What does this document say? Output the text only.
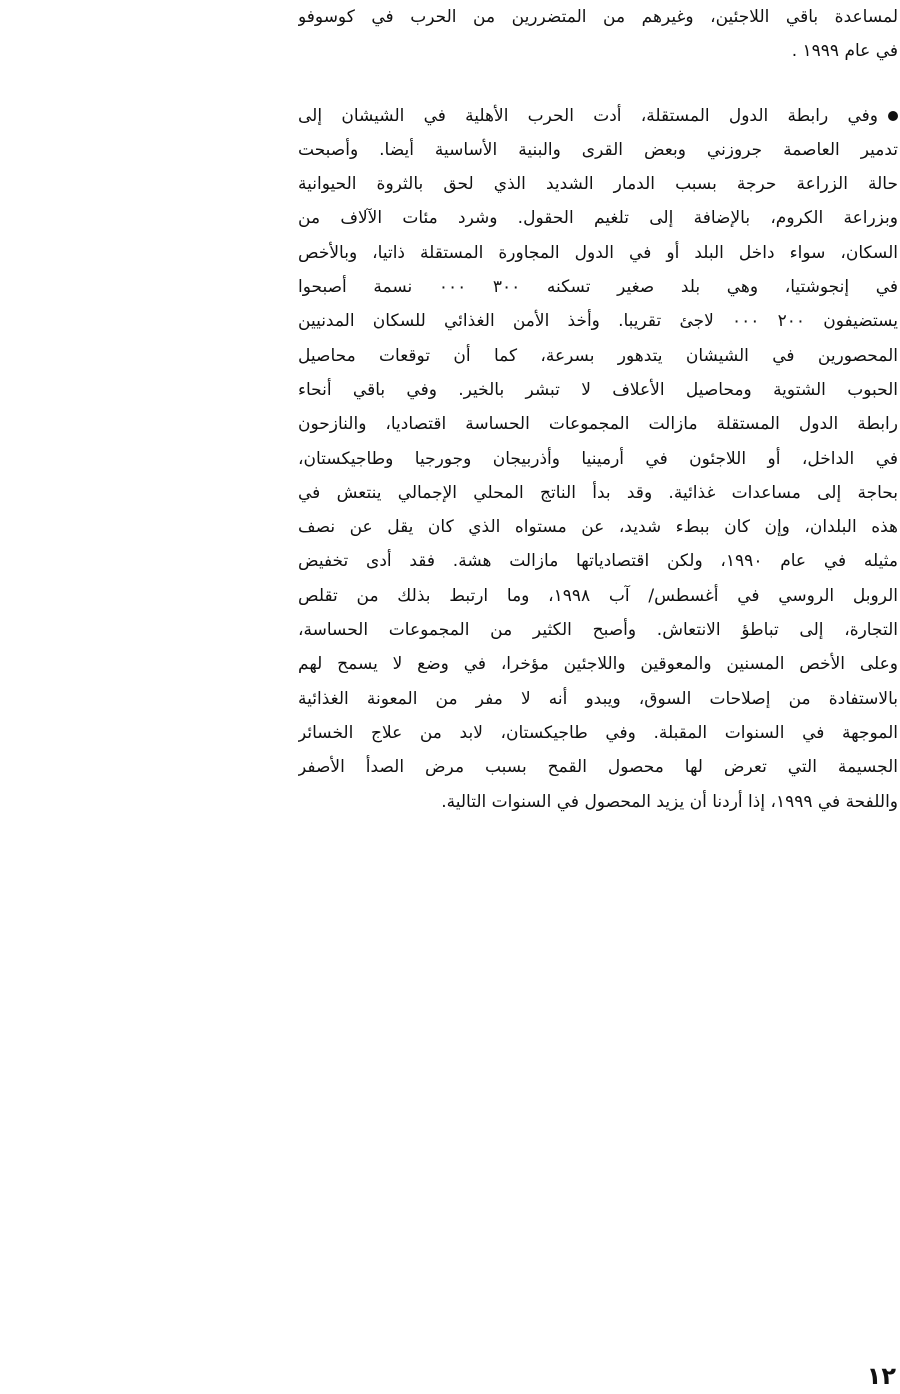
لمساعدة باقي اللاجئين، وغيرهم من المتضررين من الحرب في كوسوفو
في عام ١٩٩٩ .
وفي رابطة الدول المستقلة، أدت الحرب الأهلية في الشيشان إلى
تدمير العاصمة جروزني وبعض القرى والبنية الأساسية أيضا. وأصبحت
حالة الزراعة حرجة بسبب الدمار الشديد الذي لحق بالثروة الحيوانية
وبزراعة الكروم، بالإضافة إلى تلغيم الحقول. وشرد مئات الآلاف من
السكان، سواء داخل البلد أو في الدول المجاورة المستقلة ذاتيا، وبالأخص
في إنجوشتيا، وهي بلد صغير تسكنه ٣٠٠ ٠٠٠ نسمة أصبحوا
يستضيفون ٢٠٠ ٠٠٠ لاجئ تقريبا. وأخذ الأمن الغذائي للسكان المدنيين
المحصورين في الشيشان يتدهور بسرعة، كما أن توقعات محاصيل
الحبوب الشتوية ومحاصيل الأعلاف لا تبشر بالخير. وفي باقي أنحاء
رابطة الدول المستقلة مازالت المجموعات الحساسة اقتصاديا، والنازحون
في الداخل، أو اللاجئون في أرمينيا وأذربيجان وجورجيا وطاجيكستان،
بحاجة إلى مساعدات غذائية. وقد بدأ الناتج المحلي الإجمالي ينتعش في
هذه البلدان، وإن كان ببطء شديد، عن مستواه الذي كان يقل عن نصف
مثيله في عام ١٩٩٠، ولكن اقتصادياتها مازالت هشة. فقد أدى تخفيض
الروبل الروسي في أغسطس/ آب ١٩٩٨، وما ارتبط بذلك من تقلص
التجارة، إلى تباطؤ الانتعاش. وأصبح الكثير من المجموعات الحساسة،
وعلى الأخص المسنين والمعوقين واللاجئين مؤخرا، في وضع لا يسمح لهم
بالاستفادة من إصلاحات السوق، ويبدو أنه لا مفر من المعونة الغذائية
الموجهة في السنوات المقبلة. وفي طاجيكستان، لابد من علاج الخسائر
الجسيمة التي تعرض لها محصول القمح بسبب مرض الصدأ الأصفر
واللفحة في ١٩٩٩، إذا أردنا أن يزيد المحصول في السنوات التالية.
١٢
